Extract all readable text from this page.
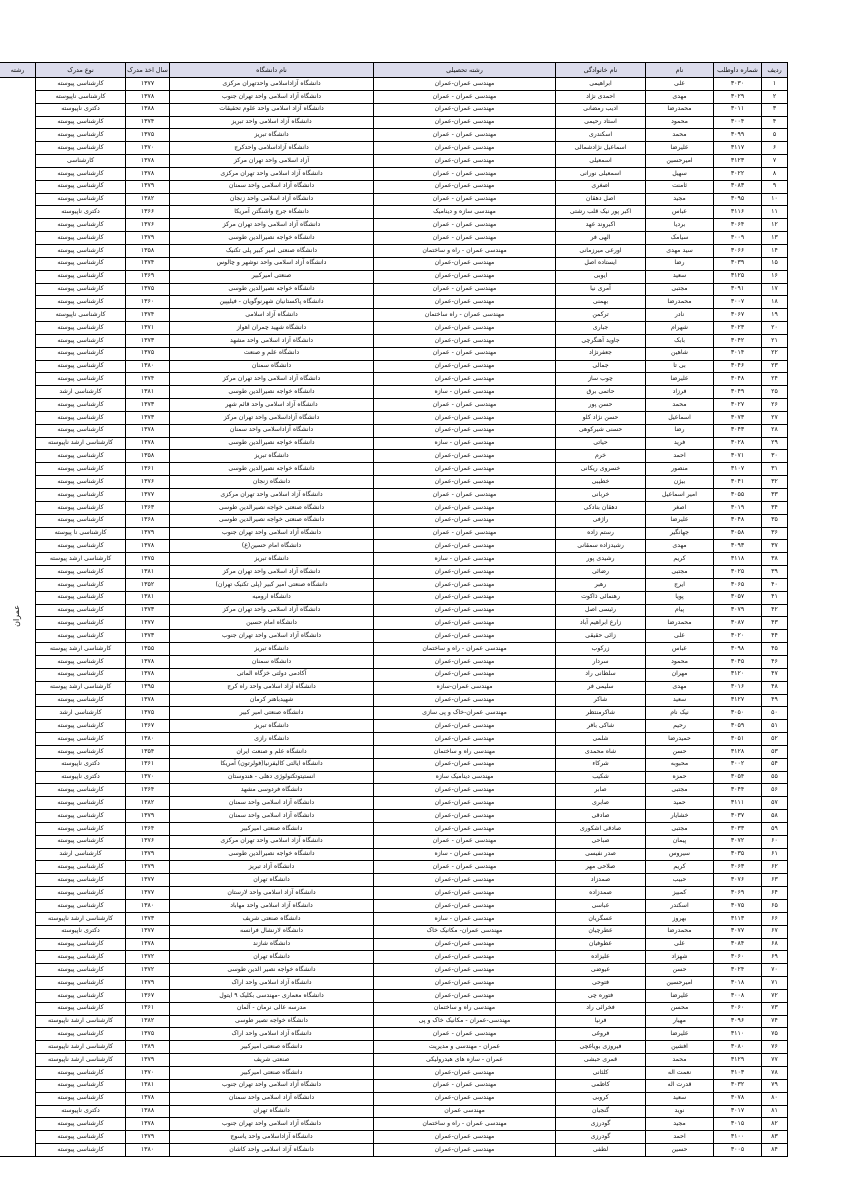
ردیف	شماره داوطلب	نام	نام خانوادگی	رشته تحصیلی	نام دانشگاه	سال اخذ مدرک	نوع مدرک	رشته
۱	۳۰۳۰	علی	ابراهیمی	مهندسی عمران-عمران	دانشگاه آزاداسلامی واحدتهران مرکزی	۱۳۷۷	کارشناسی پیوسته	عمران
۲	۳۰۲۹	مهدی	احمدی نژاد	مهندسی عمران - عمران	دانشگاه آزاد اسلامی واحد تهران جنوب	۱۳۷۸	کارشناسی ناپیوسته	
۳	۳۰۱۱	محمدرضا	ادیب رمضانی	مهندسی عمران-عمران	دانشگاه آزاد اسلامی واحد علوم تحقیقات	۱۳۸۸	دکتری ناپیوسته	
۴	۳۰۰۴	محمود	استاد رحیمی	مهندسی عمران-عمران	دانشگاه آزاد اسلامی واحد تبریز	۱۳۷۴	کارشناسی پیوسته	
۵	۳۰۹۹	محمد	اسکندری	مهندسی عمران - عمران	دانشگاه تبریز	۱۳۷۵	کارشناسی پیوسته	
۶	۳۱۱۷	علیرضا	اسماعیل نژادشمالی	مهندسی عمران-عمران	دانشگاه آزاداسلامی واحدکرج	۱۳۷۰	کارشناسی پیوسته	
۷	۳۱۲۳	امیرحسین	اسمعیلی	مهندسی عمران-عمران	آزاد اسلامی واحد تهران مرکز	۱۳۷۸	کارشناسی	
۸	۳۰۲۲	سهیل	اسمعیلی نورانی	مهندسی عمران - عمران	دانشگاه آزاد اسلامی واحد تهران مرکزی	۱۳۷۸	کارشناسی پیوسته	
۹	۳۰۸۳	ثامنت	اصغری	مهندسی عمران-عمران	دانشگاه آزاد اسلامی واحد سمنان	۱۳۷۹	کارشناسی پیوسته	
۱۰	۳۰۹۵	مجید	اصل دهقان	مهندسی عمران - عمران	دانشگاه آزاد اسلامی واحد زنجان	۱۳۸۲	کارشناسی پیوسته	
۱۱	۳۱۱۶	عباس	اکبر پور نیک قلب رشتی	مهندسی سازه و دینامیک	دانشگاه جرج واشنگتن آمریکا	۱۳۶۶	دکتری ناپیوسته	
۱۲	۳۰۶۴	بردیا	اکبروند عهد	مهندسی عمران - عمران	دانشگاه آزاد اسلامی واحد تهران مرکز	۱۳۷۶	کارشناسی پیوسته	
۱۳	۳۰۰۹	سیامک	الهی فر	مهندسی عمران - عمران	دانشگاه خواجه نصیرالدین طوسی	۱۳۷۹	کارشناسی پیوسته	
۱۴	۳۰۶۶	سید مهدی	اورعی میرزمانی	مهندسی عمران - راه و ساختمان	دانشگاه صنعتی امیر کبیر پلی تکنیک	۱۳۵۸	کارشناسی پیوسته	
۱۵	۳۰۳۹	رضا	ایستاده اصل	مهندسی عمران-عمران	دانشگاه آزاد اسلامی واحد نوشهر و چالوس	۱۳۷۴	کارشناسی پیوسته	
۱۶	۳۱۲۵	سعید	ایوبی	مهندسی عمران-عمران	صنعتی امیرکبیر	۱۳۶۹	کارشناسی پیوسته	
۱۷	۳۰۹۱	مجتبی	آمری نیا	مهندسی عمران - عمران	دانشگاه خواجه نصیرالدین طوسی	۱۳۷۵	کارشناسی پیوسته	
۱۸	۳۰۰۷	محمدرضا	بهمنی	مهندسی عمران-عمران	دانشگاه پاکستانیان شهرنوگویان - فیلیپین	۱۳۶۰	کارشناسی پیوسته	
۱۹	۳۰۶۷	نادر	ترکمن	مهندسی عمران - راه ساختمان	دانشگاه آزاد اسلامی	۱۳۷۴	کارشناسی ناپیوسته	
۲۰	۳۰۲۳	شهرام	جباری	مهندسی عمران-عمران	دانشگاه شهید چمران اهواز	۱۳۷۱	کارشناسی پیوسته	
۲۱	۳۰۴۲	بابک	جاوید آهنگرچی	مهندسی عمران-عمران	دانشگاه آزاد اسلامی واحد مشهد	۱۳۷۳	کارشناسی پیوسته	
۲۲	۳۰۱۴	شاهین	جعفرنژاد	مهندسی عمران - عمران	دانشگاه علم و صنعت	۱۳۷۵	کارشناسی پیوسته	
۲۳	۳۰۴۶	بی تا	جمالی	مهندسی عمران-عمران	دانشگاه سمنان	۱۳۸۰	کارشناسی پیوسته	
۲۴	۳۰۴۸	علیرضا	چوب ساز	مهندسی عمران-عمران	دانشگاه آزاد اسلامی واحد تهران مرکز	۱۳۷۴	کارشناسی پیوسته	
۲۵	۳۰۴۹	فرزاد	حاتمی برق	مهندسی عمران - سازه	دانشگاه خواجه نصیرالدین طوسی	۱۳۸۱	کارشناسی ارشد	
۲۶	۳۰۲۷	محمد	حسن پور	مهندسی عمران - عمران	دانشگاه آزاد اسلامی واحد قائم شهر	۱۳۷۳	کارشناسی پیوسته	
۲۷	۳۰۷۳	اسماعیل	حسن نژاد کلو	مهندسی عمران-عمران	دانشگاه آزاداسلامی واحد تهران مرکز	۱۳۷۳	کارشناسی پیوسته	
۲۸	۳۰۴۳	رضا	حسنی شیرکوهی	مهندسی عمران-عمران	دانشگاه آزاداسلامی واحد سمنان	۱۳۷۸	کارشناسی پیوسته	
۲۹	۳۰۲۸	فرید	حیاتی	مهندسی عمران - سازه	دانشگاه خواجه نصیرالدین طوسی	۱۳۷۸	کارشناسی ارشد ناپیوسته	
۳۰	۳۰۷۱	احمد	خرم	مهندسی عمران-عمران	دانشگاه تبریز	۱۳۵۸	کارشناسی پیوسته	
۳۱	۳۱۰۷	منصور	خسروی ریکانی	مهندسی عمران-عمران	دانشگاه خواجه نصیرالدین طوسی	۱۳۶۱	کارشناسی پیوسته	
۳۲	۳۰۴۱	بیژن	خطیبی	مهندسی عمران-عمران	دانشگاه زنجان	۱۳۷۶	کارشناسی پیوسته	
۳۳	۳۰۵۵	امیر اسماعیل	خربانی	مهندسی عمران - عمران	دانشگاه آزاد اسلامی واحد تهران مرکزی	۱۳۷۷	کارشناسی پیوسته	
۳۴	۳۰۱۹	اصغر	دهقان بنادکی	مهندسی عمران-عمران	دانشگاه صنعتی خواجه نصیرالدین طوسی	۱۳۶۳	کارشناسی پیوسته	
۳۵	۳۰۴۸	علیرضا	راژفی	مهندسی عمران-عمران	دانشگاه صنعتی خواجه نصیرالدین طوسی	۱۳۶۸	کارشناسی پیوسته	
۳۶	۳۰۵۸	جهانگیر	رستم زاده	مهندسی عمران - عمران	دانشگاه آزاد اسلامی واحد تهران جنوب	۱۳۷۹	کارشناسی نا پیوسته	
۳۷	۳۰۹۳	مهدی	رشیدزاده سمقانی	مهندسی عمران-عمران	دانشگاه امام حسین(ع)	۱۳۷۸	کارشناسی پیوسته	
۳۸	۳۱۱۸	کریم	رشیدی پور	مهندسی عمران - سازه	دانشگاه تبریز	۱۳۷۵	کارشناسی ارشد پیوسته	
۳۹	۳۰۲۵	مجتبی	رضائی	مهندسی عمران-عمران	دانشگاه آزاد اسلامی واحد تهران مرکز	۱۳۸۱	کارشناسی پیوسته	
۴۰	۳۰۶۵	ایرج	رهبر	مهندسی عمران-عمران	دانشگاه صنعتی امیر کبیر (پلی تکنیک تهران)	۱۳۵۲	کارشناسی پیوسته	
۴۱	۳۰۵۷	پویا	رهنمائی ذاکوت	مهندسی عمران-عمران	دانشگاه ارومیه	۱۳۸۱	کارشناسی پیوسته	
۴۲	۳۰۷۹	پیام	رئیسی اصل	مهندسی عمران-عمران	دانشگاه آزاد اسلامی واحد تهران مرکز	۱۳۷۳	کارشناسی پیوسته	
۴۳	۳۰۸۷	محمدرضا	زارع ابراهیم آباد	مهندسی عمران-عمران	دانشگاه امام حسین	۱۳۷۷	کارشناسی پیوسته	
۴۴	۳۰۲۰	علی	زائی حقیقی	مهندسی عمران-عمران	دانشگاه آزاد اسلامی واحد تهران جنوب	۱۳۷۳	کارشناسی پیوسته	
۴۵	۳۰۹۸	عباس	زرکوب	مهندسی عمران - راه و ساختمان	دانشگاه تبریز	۱۳۵۵	کارشناسی ارشد پیوسته	
۴۶	۳۰۴۵	محمود	سردار	مهندسی عمران-عمران	دانشگاه سمنان	۱۳۷۸	کارشناسی پیوسته	
۴۷	۳۱۲۰	مهران	سلطانی راد	مهندسی عمران-عمران	آکادمی دولتی خزگاه الماتی	۱۳۷۸	کارشناسی پیوسته	
۴۸	۳۰۱۶	مهدی	سلیمی فر	مهندسی عمران-سازه	دانشگاه آزاد اسلامی واحد راه کرج	۱۳۹۵	کارشناسی ارشد پیوسته	
۴۹	۳۱۲۷	سعید	شاکر	مهندسی عمران-عمران	شهیدباهنر کرمان	۱۳۷۸	کارشناسی پیوسته	
۵۰	۳۰۵۰	نیک نام	شاکرمنتظر	مهندسی عمران-خاک و پی سازی	دانشگاه صنعتی امیر کبیر	۱۳۷۵	کارشناسی ارشد	
۵۱	۳۰۵۹	رحیم	شاکی بافر	مهندسی عمران-عمران	دانشگاه تبریز	۱۳۶۷	کارشناسی پیوسته	
۵۲	۳۰۵۱	حمیدرضا	شلمی	مهندسی عمران-عمران	دانشگاه رازی	۱۳۸۰	کارشناسی پیوسته	
۵۳	۳۱۲۸	حسن	شاه محمدی	مهندسی راه و ساختمان	دانشگاه علم و صنعت ایران	۱۳۵۴	کارشناسی پیوسته	
۵۴	۳۰۰۲	محبوبه	شرکاء	مهندسی عمران-عمران	دانشگاه ایالتی کالیفرنیا(فولرتون) آمریکا	۱۳۶۱	دکتری ناپیوسته	
۵۵	۳۰۵۴	حمزه	شکیب	مهندسی دینامیک سازه	انستیتوتکنولوژی دهلی - هندوستان	۱۳۷۰	دکتری ناپیوسته	
۵۶	۳۰۴۴	مجتبی	صابر	مهندسی عمران-عمران	دانشگاه فردوسی مشهد	۱۳۶۴	کارشناسی پیوسته	
۵۷	۳۱۱۱	حمید	صابری	مهندسی عمران-عمران	دانشگاه آزاد اسلامی واحد سمنان	۱۳۸۲	کارشناسی پیوسته	
۵۸	۳۰۳۷	خشایار	صادقی	مهندسی عمران-عمران	دانشگاه آزاد اسلامی واحد سمنان	۱۳۷۹	کارشناسی پیوسته	
۵۹	۳۰۳۳	مجتبی	صادقی اشکوری	مهندسی عمران-عمران	دانشگاه صنعتی امیرکبیر	۱۳۶۴	کارشناسی پیوسته	
۶۰	۳۰۷۲	پیمان	صباحی	مهندسی عمران - عمران	دانشگاه آزاد اسلامی واحد تهران مرکزی	۱۳۷۶	کارشناسی پیوسته	
۶۱	۳۰۳۵	سیروس	صدر نفیسی	مهندسی عمران - سازه	دانشگاه خواجه نصیرالدین طوسی	۱۳۷۹	کارشناسی ارشد	
۶۲	۳۰۶۳	کریم	صلاحی مهر	مهندسی عمران - عمران	دانشگاه آزاد تبریز	۱۳۷۹	کارشناسی پیوسته	
۶۳	۳۰۷۶	حبیب	صمدزاد	مهندسی عمران-عمران	دانشگاه تهران	۱۳۷۷	کارشناسی پیوسته	
۶۴	۳۰۶۹	کمبیز	صمدزاده	مهندسی عمران-عمران	دانشگاه آزاد اسلامی واحد لارستان	۱۳۷۷	کارشناسی پیوسته	
۶۵	۳۰۷۵	اسکندر	عباسی	مهندسی عمران-عمران	دانشگاه آزاد اسلامی واحد مهاباد	۱۳۸۰	کارشناسی پیوسته	
۶۶	۳۱۱۳	بهروز	عسگریان	مهندسی عمران - سازه	دانشگاه صنعتی شریف	۱۳۷۳	کارشناسی ارشد ناپیوسته	
۶۷	۳۰۷۷	محمدرضا	عطرچیان	مهندسی عمران- مکانیک خاک	دانشگاه لارنشال فرانسه	۱۳۷۷	دکتری ناپیوسته	
۶۸	۳۰۸۴	علی	عطوفیان	مهندسی عمران-عمران	دانشگاه شازند	۱۳۷۸	کارشناسی پیوسته	
۶۹	۳۰۶۰	شهزاد	علیزاده	مهندسی عمران-عمران	دانشگاه تهران	۱۳۷۲	کارشناسی پیوسته	
۷۰	۳۰۲۴	حسن	عیوضی	مهندسی عمران-عمران	دانشگاه خواجه نصیر الدین طوسی	۱۳۷۲	کارشناسی پیوسته	
۷۱	۳۰۱۸	امیرحسین	فتوحی	مهندسی عمران-عمران	دانشگاه آزاد اسلامی واحد اراک	۱۳۷۹	کارشناسی پیوسته	
۷۲	۳۰۰۸	علیرضا	فتوره چی	مهندسی عمران-عمران	دانشگاه معماری -مهندسی بکلیک ۹ ایتول	۱۳۶۷	کارشناسی پیوسته	
۷۳	۳۰۶۰	محسن	فخرائی راد	مهندسی راه و ساختمان	مدرسه عالی نرمان - آلمان	۱۳۶۱	کارشناسی پیوسته	
۷۴	۳۰۹۶	مهیار	فرنیا	مهندسی-عمران - مکانیک خاک و پی	دانشگاه خواجه نصیر طوسی	۱۳۸۲	کارشناسی ارشد ناپیوسته	
۷۵	۳۱۱۰	علیرضا	فروغی	مهندسی عمران - عمران	دانشگاه آزاد اسلامی واحد اراک	۱۳۷۵	کارشناسی پیوسته	
۷۶	۳۰۸۰	افشین	فیروزی بویاغچی	عمران - مهندسی و مدیریت	دانشگاه صنعتی امیرکبیر	۱۳۸۹	کارشناسی ارشد ناپیوسته	
۷۷	۳۱۲۹	محمد	قمری حبشی	عمران - سازه های هیدرولیکی	صنعتی شریف	۱۳۷۹	کارشناسی ارشد ناپیوسته	
۷۸	۳۱۰۳	نعمت اله	کلثانی	مهندسی عمران-عمران	دانشگاه صنعتی امیرکبیر	۱۳۷۰	کارشناسی پیوسته	
۷۹	۳۰۳۲	قدرت اله	کاظمی	مهندسی عمران - عمران	دانشگاه آزاد اسلامی واحد تهران جنوب	۱۳۸۱	کارشناسی پیوسته	
۸۰	۳۰۷۸	سعید	کروبی	مهندسی عمران-عمران	دانشگاه آزاد اسلامی واحد سمنان	۱۳۷۸	کارشناسی پیوسته	
۸۱	۳۰۱۷	نوید	گنجیان	مهندسی عمران	دانشگاه تهران	۱۳۸۸	دکتری ناپیوسته	
۸۲	۳۰۱۵	مجید	گودرزی	مهندسی عمران - راه و ساختمان	دانشگاه آزاد اسلامی واحد تهران جنوب	۱۳۷۸	کارشناسی پیوسته	
۸۳	۳۱۰۰	احمد	گودرزی	مهندسی عمران-عمران	دانشگاه آزاداسلامی واحد یاسوج	۱۳۷۹	کارشناسی پیوسته	
۸۴	۳۰۰۵	حسین	لطفی	مهندسی عمران-عمران	دانشگاه آزاد اسلامی واحد کاشان	۱۳۸۰	کارشناسی پیوسته	
